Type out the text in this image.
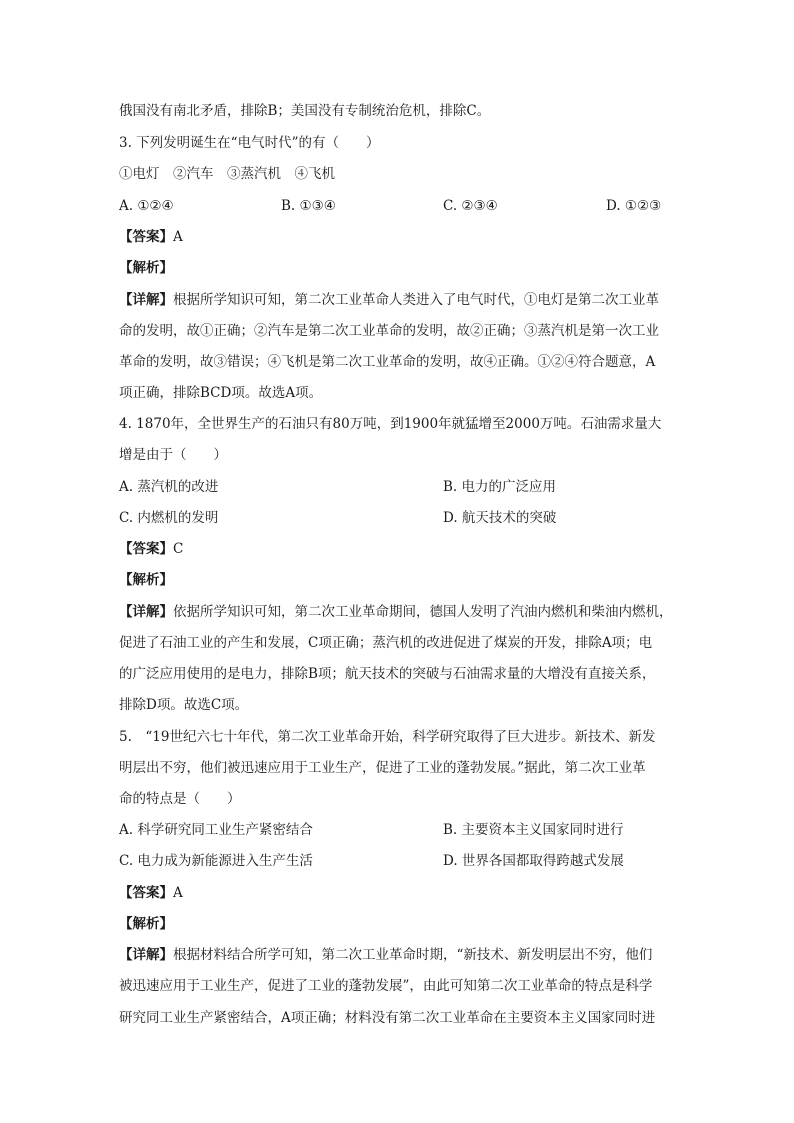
俄国没有南北矛盾，排除B；美国没有专制统治危机，排除C。
3. 下列发明诞生在“电气时代”的有（　　）
①电灯　②汽车　③蒸汽机　④飞机
A. ①②④	B. ①③④	C. ②③④	D. ①②③
【答案】A
【解析】
【详解】根据所学知识可知，第二次工业革命人类进入了电气时代，①电灯是第二次工业革
命的发明，故①正确；②汽车是第二次工业革命的发明，故②正确；③蒸汽机是第一次工业
革命的发明，故③错误；④飞机是第二次工业革命的发明，故④正确。①②④符合题意，A
项正确，排除BCD项。故选A项。
4. 1870年，全世界生产的石油只有80万吨，到1900年就猛增至2000万吨。石油需求量大
增是由于（　　）
A. 蒸汽机的改进	B. 电力的广泛应用
C. 内燃机的发明	D. 航天技术的突破
【答案】C
【解析】
【详解】依据所学知识可知，第二次工业革命期间，德国人发明了汽油内燃机和柴油内燃机，
促进了石油工业的产生和发展，C项正确；蒸汽机的改进促进了煤炭的开发，排除A项；电
的广泛应用使用的是电力，排除B项；航天技术的突破与石油需求量的大增没有直接关系，
排除D项。故选C项。
5.　“19世纪六七十年代，第二次工业革命开始，科学研究取得了巨大进步。新技术、新发
明层出不穷，他们被迅速应用于工业生产，促进了工业的蓬勃发展。”据此，第二次工业革
命的特点是（　　）
A. 科学研究同工业生产紧密结合	B. 主要资本主义国家同时进行
C. 电力成为新能源进入生产生活	D. 世界各国都取得跨越式发展
【答案】A
【解析】
【详解】根据材料结合所学可知，第二次工业革命时期，“新技术、新发明层出不穷，他们
被迅速应用于工业生产，促进了工业的蓬勃发展”，由此可知第二次工业革命的特点是科学
研究同工业生产紧密结合，A项正确；材料没有第二次工业革命在主要资本主义国家同时进
